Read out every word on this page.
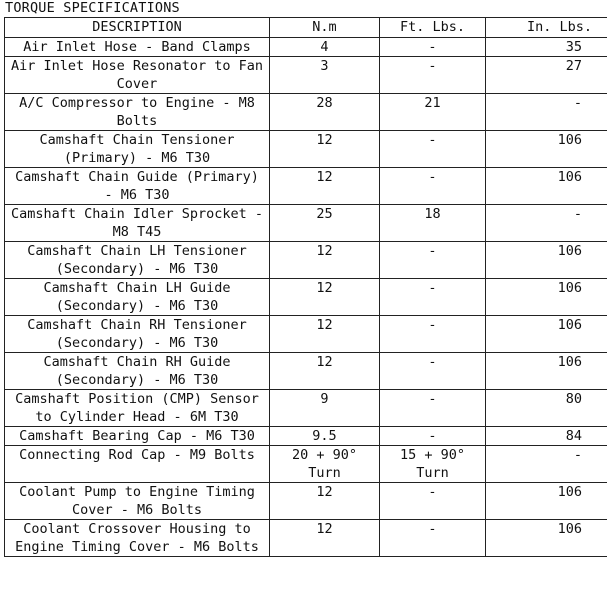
TORQUE SPECIFICATIONS
DESCRIPTION	N.m	Ft. Lbs.	In. Lbs.
Air Inlet Hose - Band Clamps	4	-	35
Air Inlet Hose Resonator to Fan Cover	3	-	27
A/C Compressor to Engine - M8 Bolts	28	21	-
Camshaft Chain Tensioner (Primary) - M6 T30	12	-	106
Camshaft Chain Guide (Primary) - M6 T30	12	-	106
Camshaft Chain Idler Sprocket - M8 T45	25	18	-
Camshaft Chain LH Tensioner (Secondary) - M6 T30	12	-	106
Camshaft Chain LH Guide (Secondary) - M6 T30	12	-	106
Camshaft Chain RH Tensioner (Secondary) - M6 T30	12	-	106
Camshaft Chain RH Guide (Secondary) - M6 T30	12	-	106
Camshaft Position (CMP) Sensor to Cylinder Head - 6M T30	9	-	80
Camshaft Bearing Cap - M6 T30	9.5	-	84
Connecting Rod Cap - M9 Bolts	20 + 90° Turn	15 + 90° Turn	-
Coolant Pump to Engine Timing Cover - M6 Bolts	12	-	106
Coolant Crossover Housing to Engine Timing Cover - M6 Bolts	12	-	106
